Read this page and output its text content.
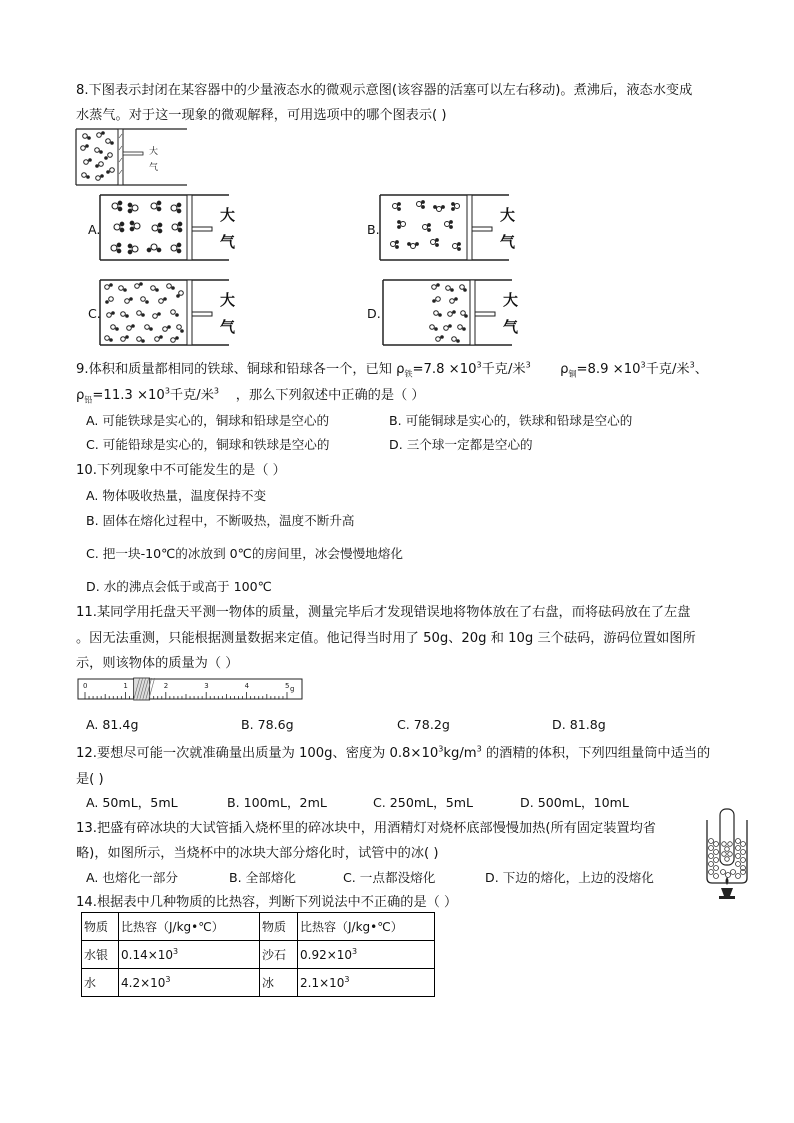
8.下图表示封闭在某容器中的少量液态水的微观示意图(该容器的活塞可以左右移动)。煮沸后，液态水变成
水蒸气。对于这一现象的微观解释，可用选项中的哪个图表示( )
大
气
A.	B.
C.	D.
大
气
大
气
大
气
大
气
9.体积和质量都相同的铁球、铜球和铅球各一个，已知 $\rho_铁=7.8 \times 10^3$千克/米$^3$ $\rho_铜=8.9 \times 10^3$千克/米$^3$、
$\rho_铅=11.3 \times 10^3$千克/米$^3$ ，那么下列叙述中正确的是（ ）
A. 可能铁球是实心的，铜球和铅球是空心的	B. 可能铜球是实心的，铁球和铅球是空心的
C. 可能铅球是实心的，铜球和铁球是空心的	D. 三个球一定都是空心的
10.下列现象中不可能发生的是（ ）
A. 物体吸收热量，温度保持不变
B. 固体在熔化过程中，不断吸热，温度不断升高
C. 把一块-10℃的冰放到 0℃的房间里，冰会慢慢地熔化
D. 水的沸点会低于或高于 100℃
11.某同学用托盘天平测一物体的质量，测量完毕后才发现错误地将物体放在了右盘，而将砝码放在了左盘
。因无法重测，只能根据测量数据来定值。他记得当时用了 50g、20g 和 10g 三个砝码，游码位置如图所
示，则该物体的质量为（ ）
0	1	2	3	4	5 g
A. 81.4g	B. 78.6g	C. 78.2g	D. 81.8g
12.要想尽可能一次就准确量出质量为 100g、密度为 $0.8\times 10^3kg/m^3$ 的酒精的体积，下列四组量筒中适当的
是( )
A. 50mL，5mL	B. 100mL，2mL	C. 250mL，5mL	D. 500mL，10mL
13.把盛有碎冰块的大试管插入烧杯里的碎冰块中，用酒精灯对烧杯底部慢慢加热(所有固定装置均省
略)，如图所示，当烧杯中的冰块大部分熔化时，试管中的冰( )
A. 也熔化一部分	B. 全部熔化	C. 一点都没熔化	D. 下边的熔化，上边的没熔化
14.根据表中几种物质的比热容，判断下列说法中不正确的是（ ）
物质	比热容（J/kg•℃）	物质	比热容（J/kg•℃）
水银	$0.14\times 10^3$	沙石	$0.92\times 10^3$
水	$4.2\times 10^3$	冰	$2.1\times 10^3$
